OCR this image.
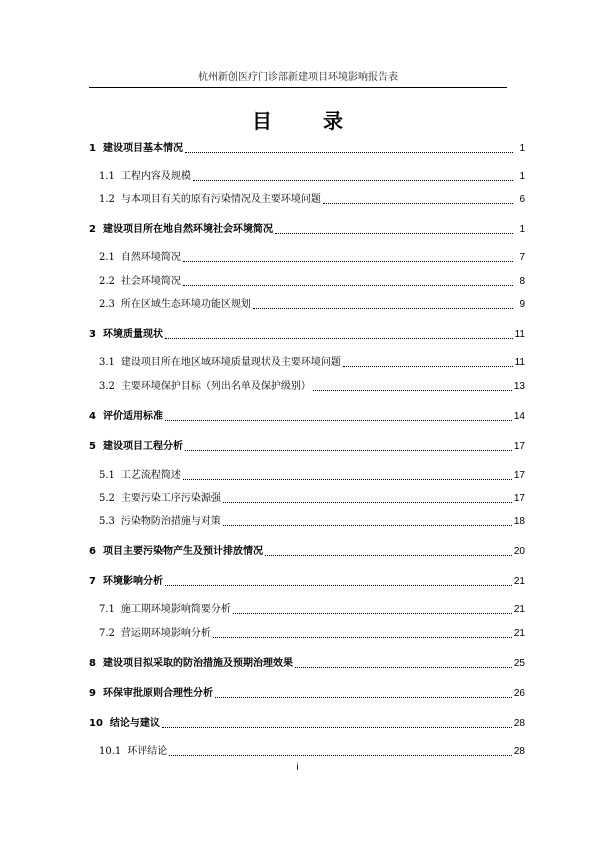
杭州新创医疗门诊部新建项目环境影响报告表
目 录
1 建设项目基本情况	1
1.1 工程内容及规模	1
1.2 与本项目有关的原有污染情况及主要环境问题	6
2 建设项目所在地自然环境社会环境简况	1
2.1 自然环境简况	7
2.2 社会环境简况	8
2.3 所在区域生态环境功能区规划	9
3 环境质量现状	11
3.1 建设项目所在地区域环境质量现状及主要环境问题	11
3.2 主要环境保护目标（列出名单及保护级别）	13
4 评价适用标准	14
5 建设项目工程分析	17
5.1 工艺流程简述	17
5.2 主要污染工序污染源强	17
5.3 污染物防治措施与对策	18
6 项目主要污染物产生及预计排放情况	20
7 环境影响分析	21
7.1 施工期环境影响简要分析	21
7.2 营运期环境影响分析	21
8 建设项目拟采取的防治措施及预期治理效果	25
9 环保审批原则合理性分析	26
10 结论与建议	28
10.1 环评结论	28
i
